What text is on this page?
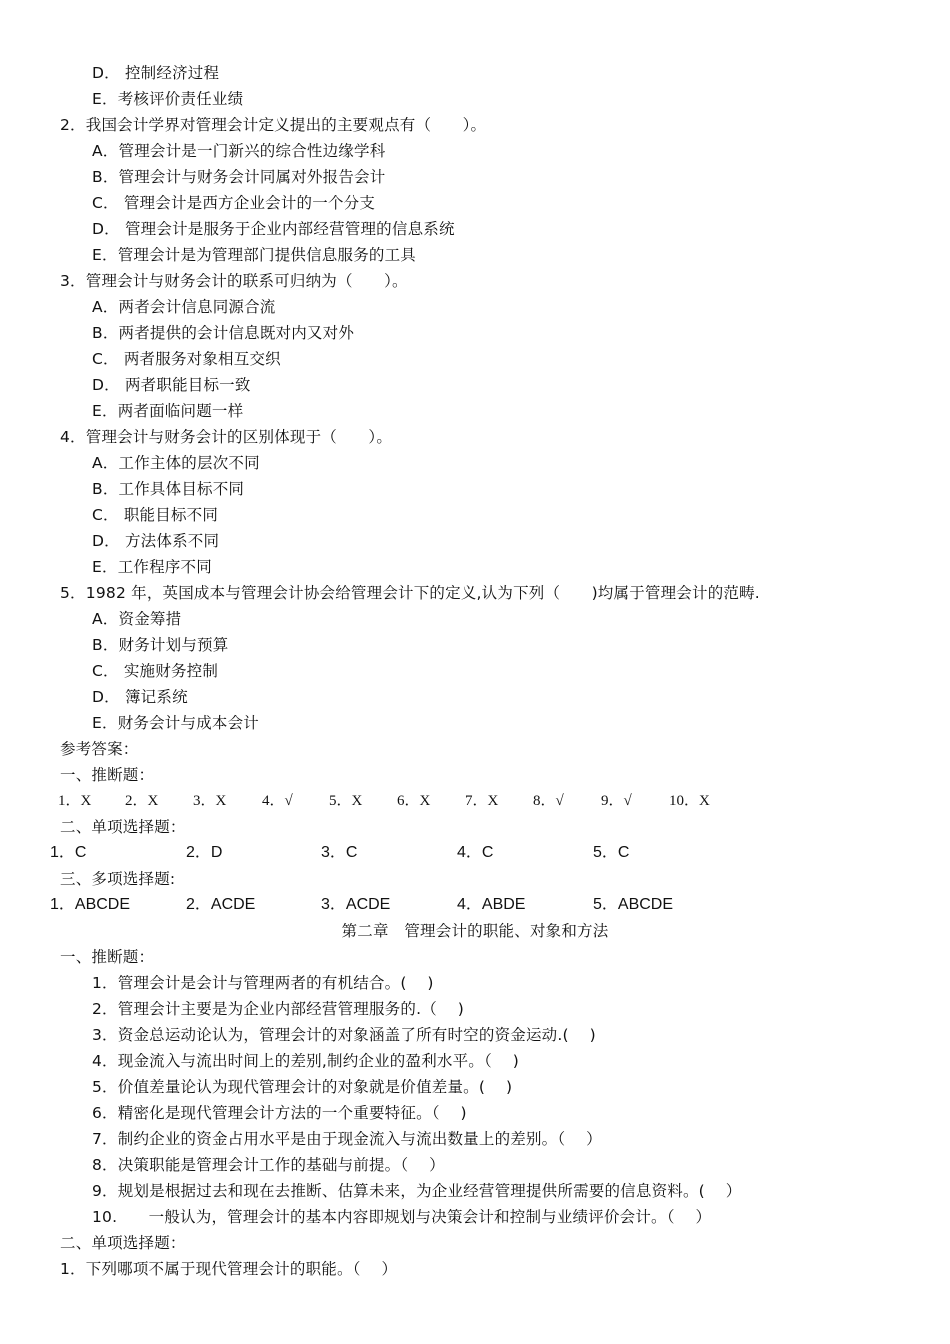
D． 控制经济过程
E．考核评价责任业绩
2．我国会计学界对管理会计定义提出的主要观点有（　　）。
A．管理会计是一门新兴的综合性边缘学科
B．管理会计与财务会计同属对外报告会计
C． 管理会计是西方企业会计的一个分支
D． 管理会计是服务于企业内部经营管理的信息系统
E．管理会计是为管理部门提供信息服务的工具
3．管理会计与财务会计的联系可归纳为（　　）。
A．两者会计信息同源合流
B．两者提供的会计信息既对内又对外
C． 两者服务对象相互交织
D． 两者职能目标一致
E．两者面临问题一样
4．管理会计与财务会计的区别体现于（　　）。
A．工作主体的层次不同
B．工作具体目标不同
C． 职能目标不同
D． 方法体系不同
E．工作程序不同
5．1982 年，英国成本与管理会计协会给管理会计下的定义,认为下列（　　)均属于管理会计的范畴.
A．资金筹措
B．财务计划与预算
C． 实施财务控制
D． 簿记系统
E．财务会计与成本会计
参考答案：
一、推断题：
1．X 2．X 3．X 4．√ 5．X 6．X 7．X 8．√ 9．√ 10．X
二、单项选择题：
1．C	2．D	3．C	4．C	5．C
三、多项选择题:
1．ABCDE	2．ACDE	3．ACDE	4．ABDE	5．ABCDE
第二章　管理会计的职能、对象和方法
一、推断题：
1．管理会计是会计与管理两者的有机结合。(　 )
2．管理会计主要是为企业内部经营管理服务的.（　 )
3．资金总运动论认为，管理会计的对象涵盖了所有时空的资金运动.(　 )
4．现金流入与流出时间上的差别,制约企业的盈利水平。（　 )
5．价值差量论认为现代管理会计的对象就是价值差量。(　 )
6．精密化是现代管理会计方法的一个重要特征。（　 )
7．制约企业的资金占用水平是由于现金流入与流出数量上的差别。（　 ）
8．决策职能是管理会计工作的基础与前提。（　 ）
9．规划是根据过去和现在去推断、估算未来，为企业经营管理提供所需要的信息资料。(　 ）
10.　　一般认为，管理会计的基本内容即规划与决策会计和控制与业绩评价会计。（　 ）
二、单项选择题：
1．下列哪项不属于现代管理会计的职能。（　 ）
